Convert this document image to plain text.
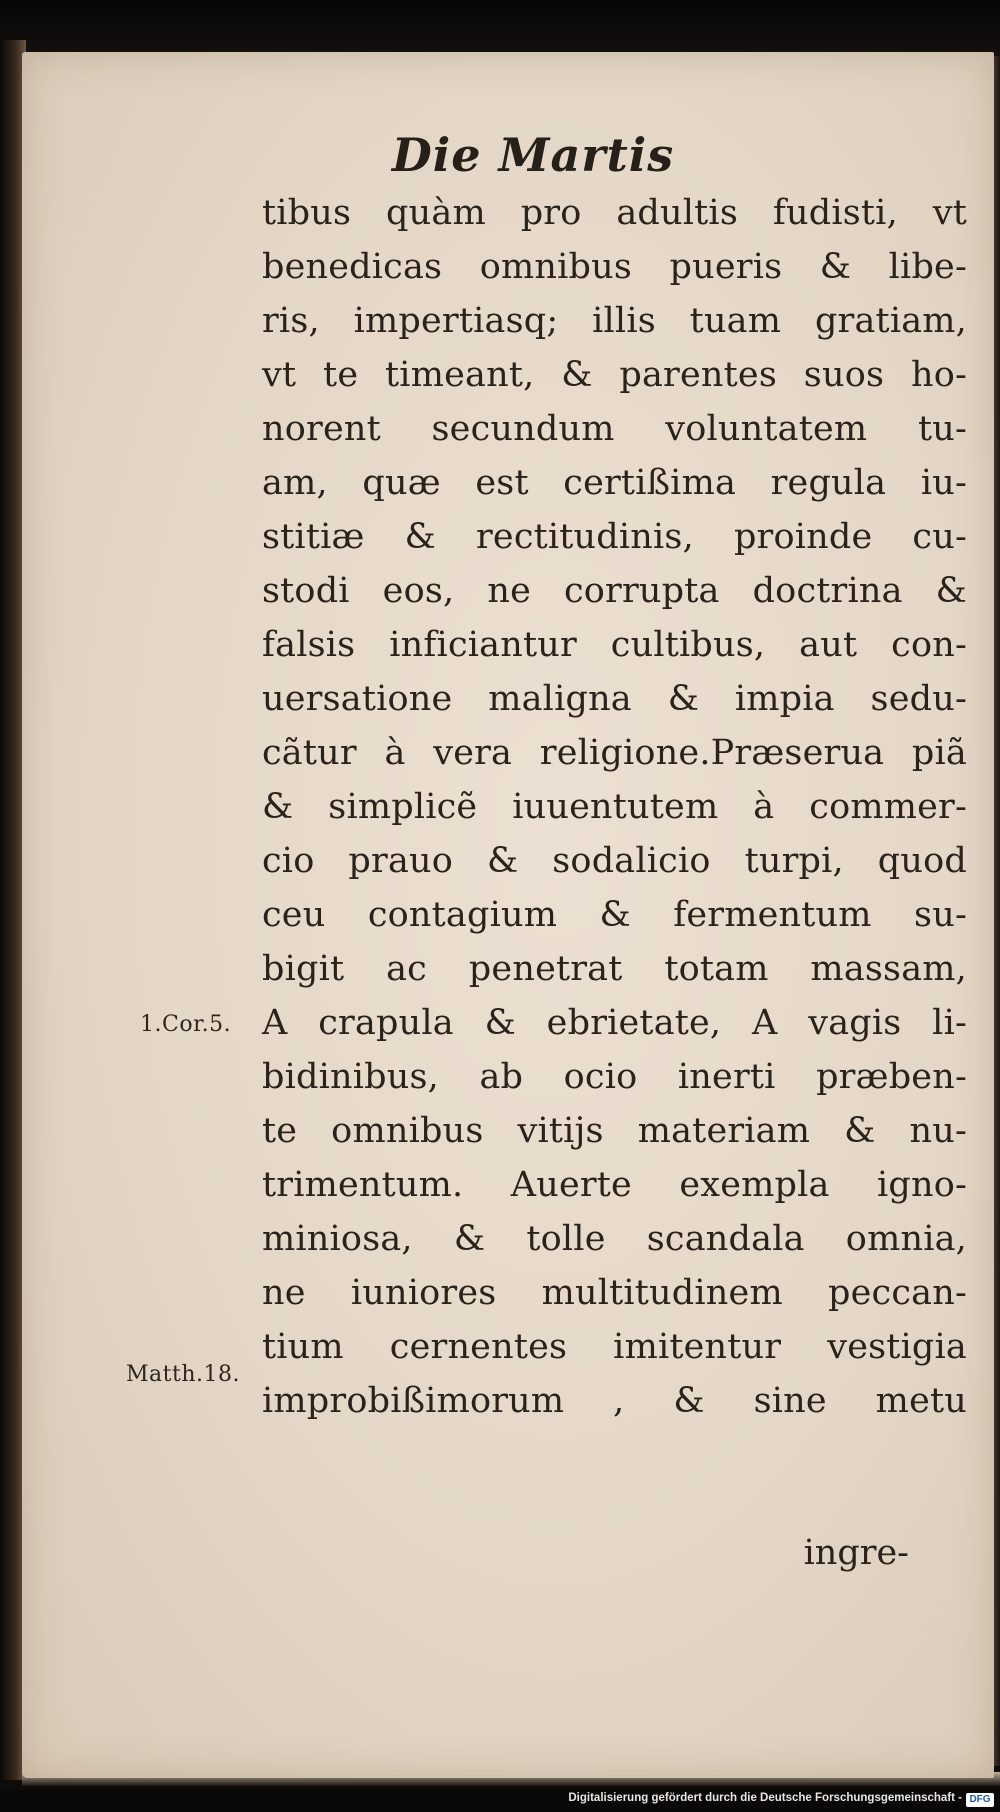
Die Martis
tibus quàm pro adultis fudisti, vt
benedicas omnibus pueris & libe-
ris, impertiasq; illis tuam gratiam,
vt te timeant, & parentes suos ho-
norent secundum voluntatem tu-
am, quæ est certißima regula iu-
stitiæ & rectitudinis, proinde cu-
stodi eos, ne corrupta doctrina &
falsis inficiantur cultibus, aut con-
uersatione maligna & impia sedu-
cãtur à vera religione.Præserua piã
& simplicẽ iuuentutem à commer-
cio prauo & sodalicio turpi, quod
ceu contagium & fermentum su-
bigit ac penetrat totam massam,
A crapula & ebrietate, A vagis li-
bidinibus, ab ocio inerti præben-
te omnibus vitijs materiam & nu-
trimentum. Auerte exempla igno-
miniosa, & tolle scandala omnia,
ne iuniores multitudinem peccan-
tium cernentes imitentur vestigia
improbißimorum , & sine metu
ingre-
1.Cor.5.
Matth.18.
Digitalisierung gefördert durch die Deutsche Forschungsgemeinschaft - DFG
